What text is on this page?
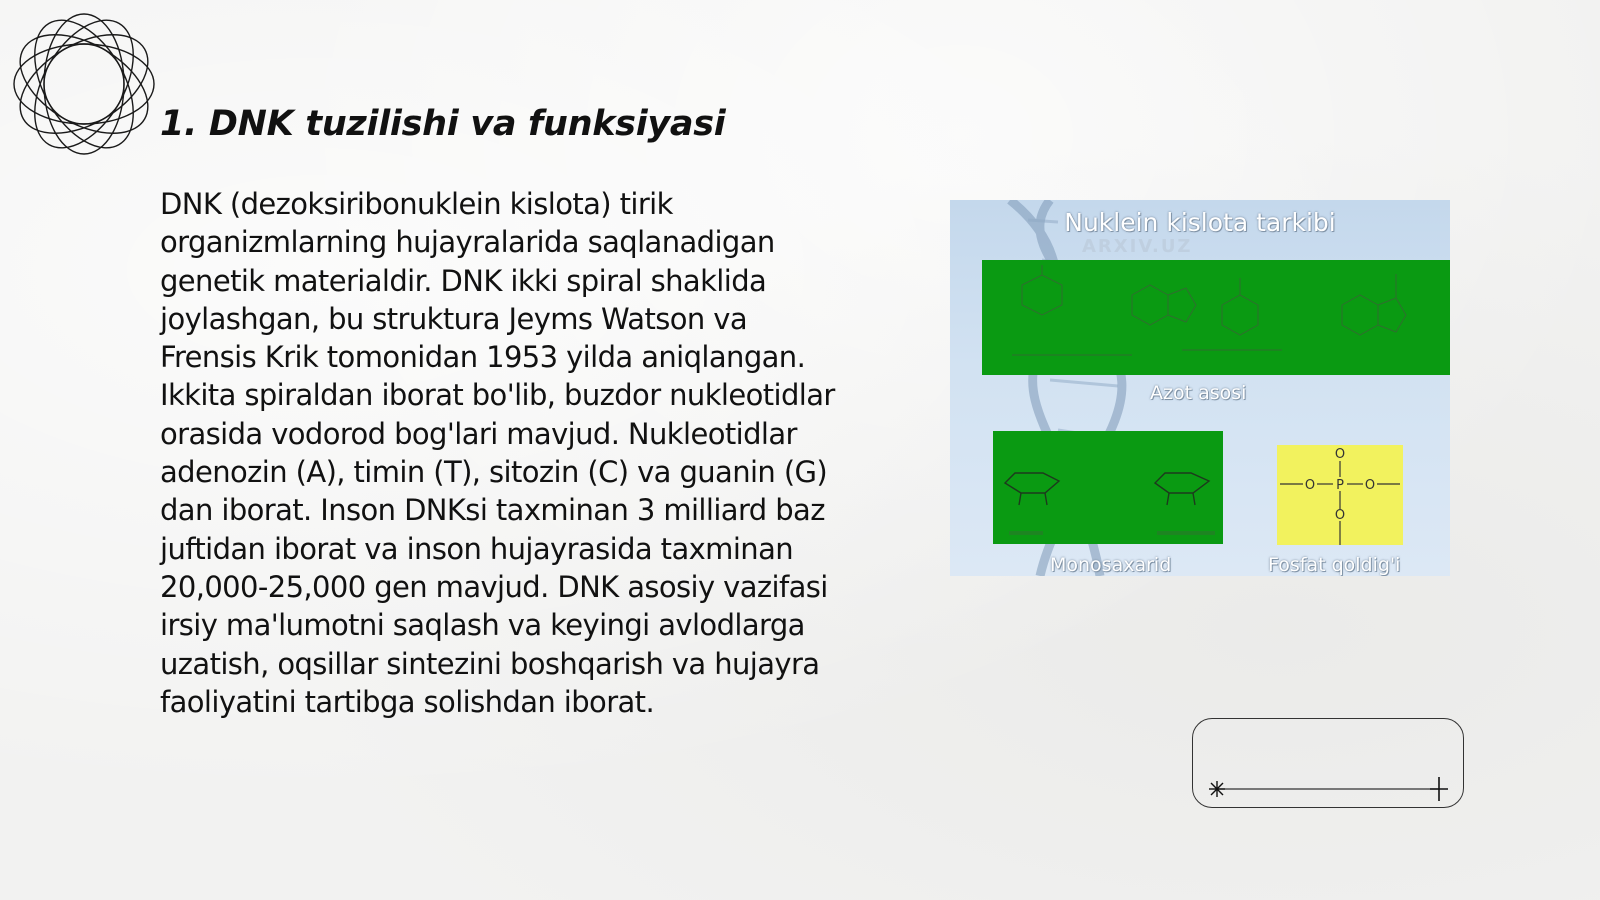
1. DNK tuzilishi va funksiyasi

DNK (dezoksiribonuklein kislota) tirik organizmlarning hujayralarida saqlanadigan genetik materialdir. DNK ikki spiral shaklida joylashgan, bu struktura Jeyms Watson va Frensis Krik tomonidan 1953 yilda aniqlangan. Ikkita spiraldan iborat bo'lib, buzdor nukleotidlar orasida vodorod bog'lari mavjud. Nukleotidlar adenozin (A), timin (T), sitozin (C) va guanin (G) dan iborat. Inson DNKsi taxminan 3 milliard baz juftidan iborat va inson hujayrasida taxminan 20,000-25,000 gen mavjud. DNK asosiy vazifasi irsiy ma'lumotni saqlash va keyingi avlodlarga uzatish, oqsillar sintezini boshqarish va hujayra faoliyatini tartibga solishdan iborat.

Nuklein kislota tarkibi
ARXIV.UZ
Azot asosi
Monosaxarid
O
O P O
O
Fosfat qoldig'i
